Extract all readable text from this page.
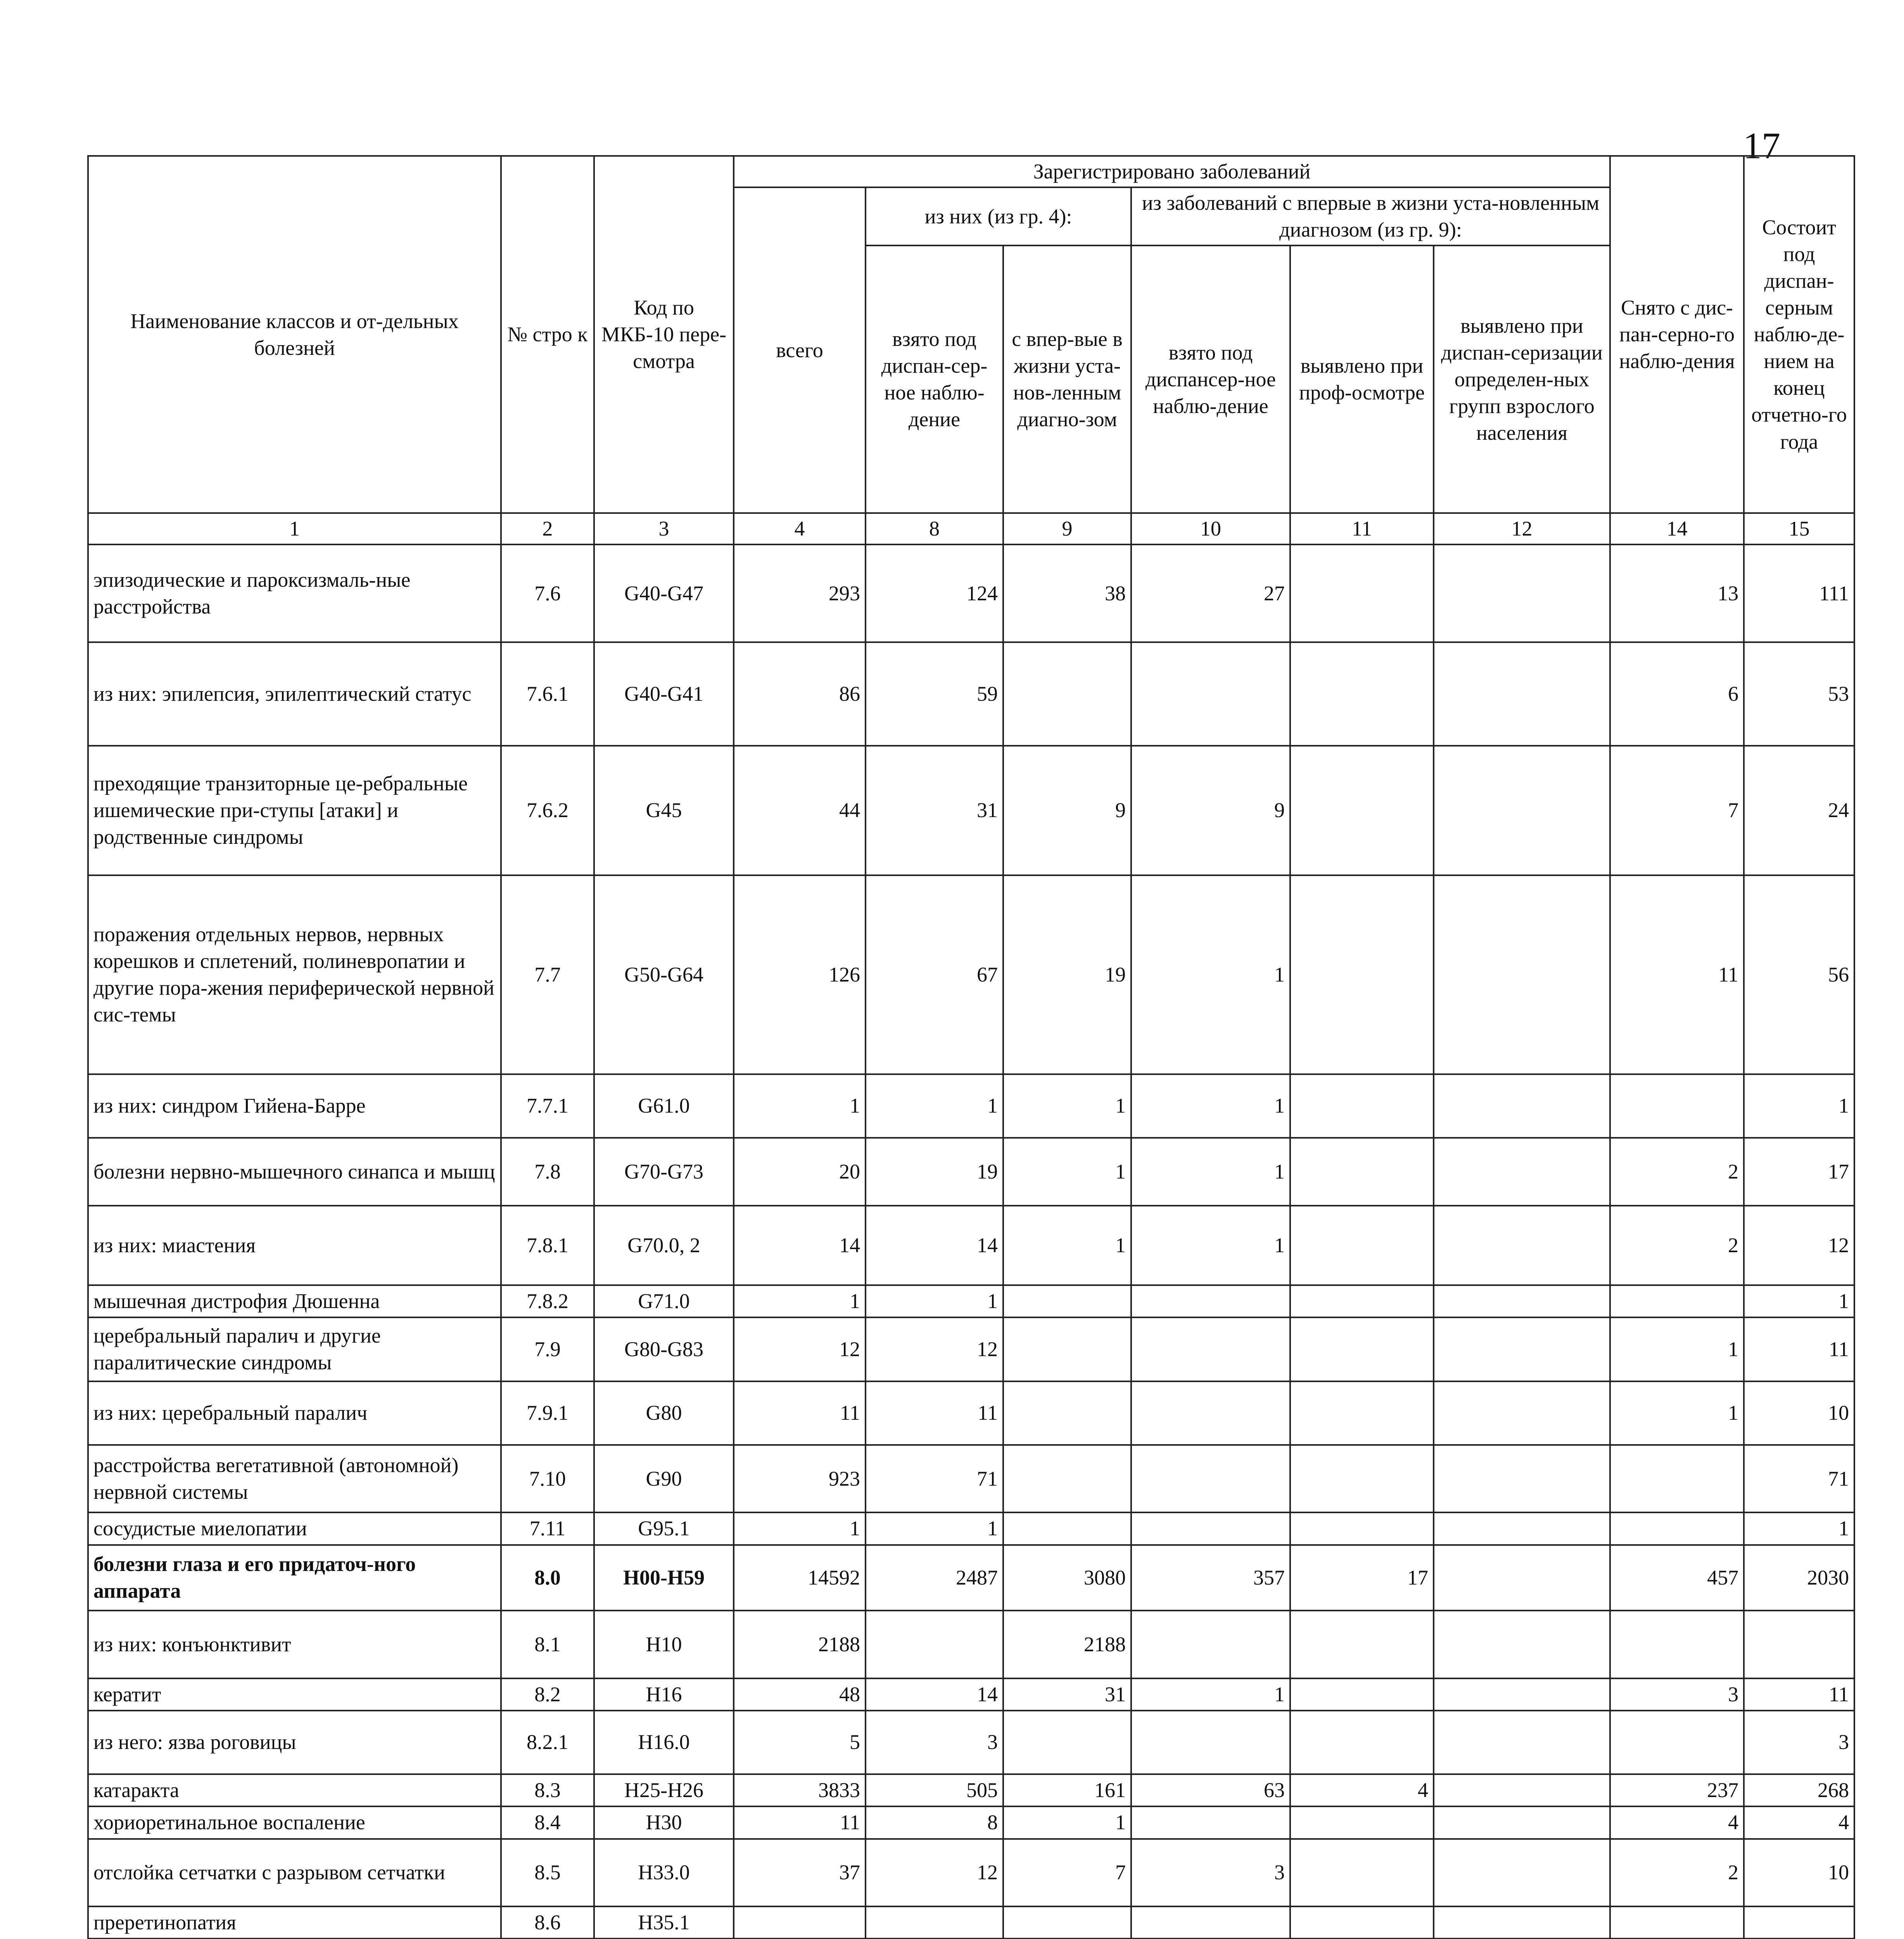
17
Наименование классов и от-дельных болезней	№ стро к	Код по МКБ-10 пере-смотра	Зарегистрировано заболеваний						Снято с дис-пан-серно-го наблю-дения	Состоит под диспан-серным наблю-де-нием на конец отчетно-го года
			всего	из них (из гр. 4):		из заболеваний с впервые в жизни уста-новленным диагнозом (из гр. 9):				
				взято под диспан-сер-ное наблю-дение	с впер-вые в жизни уста-нов-ленным диагно-зом	взято под диспансер-ное наблю-дение	выявлено при проф-осмотре	выявлено при диспан-серизации определен-ных групп взрослого населения		
1	2	3	4	8	9	10	11	12	14	15
эпизодические и пароксизмаль-ные расстройства	7.6	G40-G47	293	124	38	27			13	111
из них: эпилепсия, эпилептический статус	7.6.1	G40-G41	86	59					6	53
преходящие транзиторные це-ребральные ишемические при-ступы [атаки] и родственные синдромы	7.6.2	G45	44	31	9	9			7	24
поражения отдельных нервов, нервных корешков и сплетений, полиневропатии и другие пора-жения периферической нервной сис-темы	7.7	G50-G64	126	67	19	1			11	56
из них: синдром Гийена-Барре	7.7.1	G61.0	1	1	1	1				1
болезни нервно-мышечного синапса и мышц	7.8	G70-G73	20	19	1	1			2	17
из них: миастения	7.8.1	G70.0, 2	14	14	1	1			2	12
мышечная дистрофия Дюшенна	7.8.2	G71.0	1	1						1
церебральный паралич и другие паралитические синдромы	7.9	G80-G83	12	12					1	11
из них: церебральный паралич	7.9.1	G80	11	11					1	10
расстройства вегетативной (автономной) нервной системы	7.10	G90	923	71						71
сосудистые миелопатии	7.11	G95.1	1	1						1
болезни глаза и его придаточ-ного аппарата	8.0	H00-H59	14592	2487	3080	357	17		457	2030
из них: конъюнктивит	8.1	H10	2188		2188					
кератит	8.2	H16	48	14	31	1			3	11
из него: язва роговицы	8.2.1	H16.0	5	3						3
катаракта	8.3	H25-H26	3833	505	161	63	4		237	268
хориоретинальное воспаление	8.4	H30	11	8	1				4	4
отслойка сетчатки с разрывом сетчатки	8.5	H33.0	37	12	7	3			2	10
преретинопатия	8.6	H35.1								
